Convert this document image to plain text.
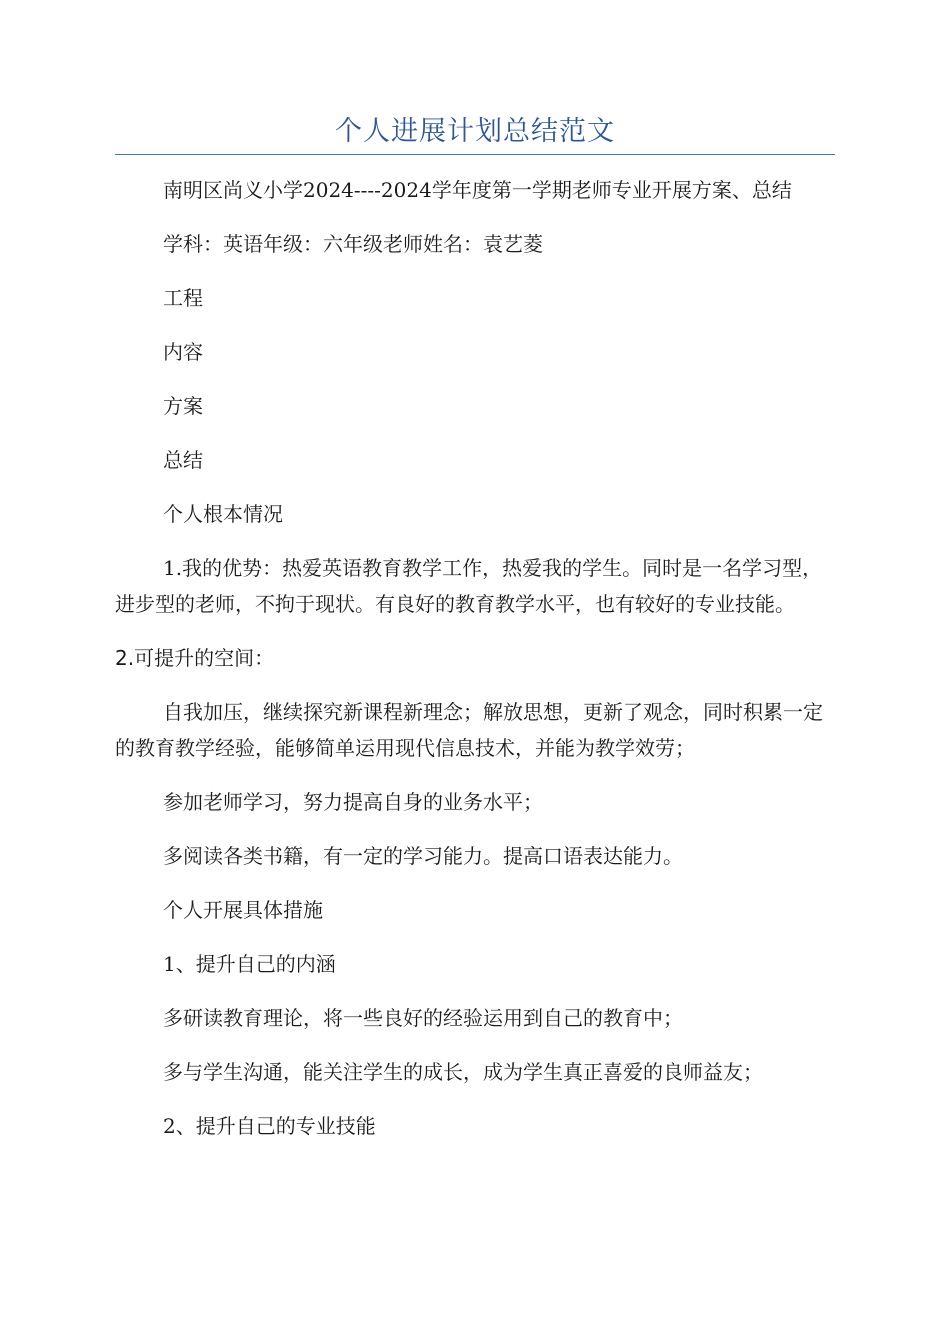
个人进展计划总结范文

南明区尚义小学2024----2024学年度第一学期老师专业开展方案、总结

学科：英语年级：六年级老师姓名：袁艺菱

工程

内容

方案

总结

个人根本情况

1.我的优势：热爱英语教育教学工作，热爱我的学生。同时是一名学习型，进步型的老师，不拘于现状。有良好的教育教学水平，也有较好的专业技能。

2.可提升的空间：

自我加压，继续探究新课程新理念；解放思想，更新了观念，同时积累一定的教育教学经验，能够简单运用现代信息技术，并能为教学效劳；

参加老师学习，努力提高自身的业务水平；

多阅读各类书籍，有一定的学习能力。提高口语表达能力。

个人开展具体措施

1、提升自己的内涵

多研读教育理论，将一些良好的经验运用到自己的教育中；

多与学生沟通，能关注学生的成长，成为学生真正喜爱的良师益友；

2、提升自己的专业技能
